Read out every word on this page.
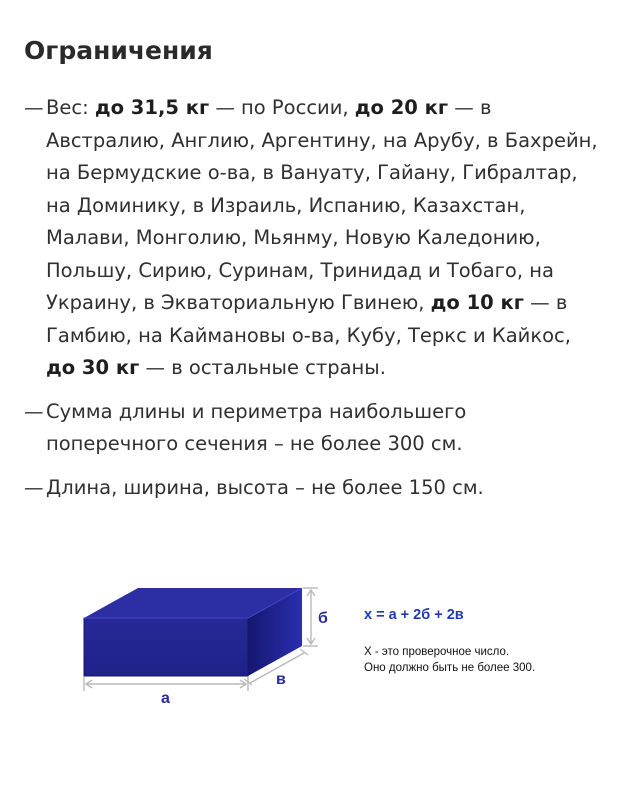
Ограничения
— Вес: до 31,5 кг — по России, до 20 кг — в Австралию, Англию, Аргентину, на Арубу, в Бахрейн, на Бермудские о-ва, в Вануату, Гайану, Гибралтар, на Доминику, в Израиль, Испанию, Казахстан, Малави, Монголию, Мьянму, Новую Каледонию, Польшу, Сирию, Суринам, Тринидад и Тобаго, на Украину, в Экваториальную Гвинею, до 10 кг — в Гамбию, на Каймановы о-ва, Кубу, Теркс и Кайкос, до 30 кг — в остальные страны.
— Сумма длины и периметра наибольшего поперечного сечения – не более 300 см.
— Длина, ширина, высота – не более 150 см.
а
б
в
x = a + 2б + 2в
X - это проверочное число.
Оно должно быть не более 300.
